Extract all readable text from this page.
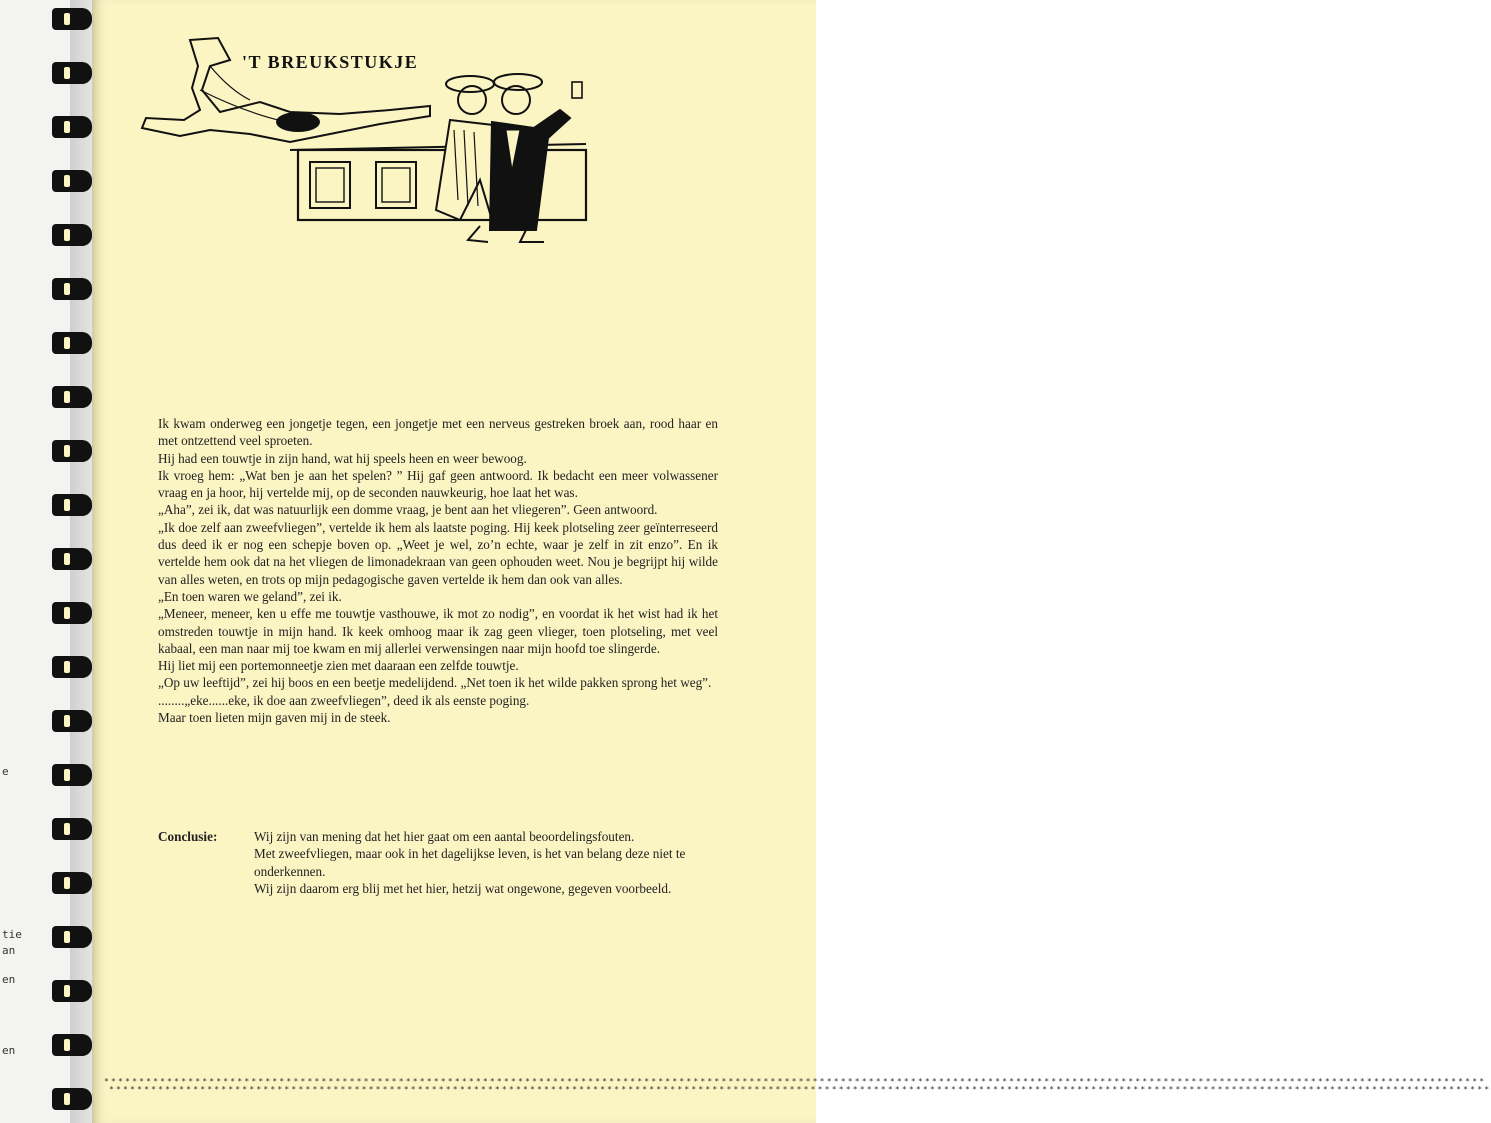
e
tie
an
en
en
'T BREUKSTUKJE

Ik kwam onderweg een jongetje tegen, een jongetje met een nerveus gestreken broek aan, rood haar en met ontzettend veel sproeten.

Hij had een touwtje in zijn hand, wat hij speels heen en weer bewoog.

Ik vroeg hem: „Wat ben je aan het spelen? ” Hij gaf geen antwoord. Ik bedacht een meer volwassener vraag en ja hoor, hij vertelde mij, op de seconden nauwkeurig, hoe laat het was.

„Aha”, zei ik, dat was natuurlijk een domme vraag, je bent aan het vliegeren”. Geen antwoord.

„Ik doe zelf aan zweefvliegen”, vertelde ik hem als laatste poging. Hij keek plotseling zeer geïnterreseerd dus deed ik er nog een schepje boven op. „Weet je wel, zo’n echte, waar je zelf in zit enzo”. En ik vertelde hem ook dat na het vliegen de limonadekraan van geen ophouden weet. Nou je begrijpt hij wilde van alles weten, en trots op mijn pedagogische gaven vertelde ik hem dan ook van alles.

„En toen waren we geland”, zei ik.

„Meneer, meneer, ken u effe me touwtje vasthouwe, ik mot zo nodig”, en voordat ik het wist had ik het omstreden touwtje in mijn hand. Ik keek omhoog maar ik zag geen vlieger, toen plotseling, met veel kabaal, een man naar mij toe kwam en mij allerlei verwensingen naar mijn hoofd toe slingerde.

Hij liet mij een portemonneetje zien met daaraan een zelfde touwtje.

„Op uw leeftijd”, zei hij boos en een beetje medelijdend. „Net toen ik het wilde pakken sprong het weg”.

........„eke......eke, ik doe aan zweefvliegen”, deed ik als eenste poging.

Maar toen lieten mijn gaven mij in de steek.

Conclusie:	Wij zijn van mening dat het hier gaat om een aantal beoordelingsfouten.

Met zweefvliegen, maar ook in het dagelijkse leven, is het van belang deze niet te onderkennen.

Wij zijn daarom erg blij met het hier, hetzij wat ongewone, gegeven voorbeeld.

*****************************************************************************************************************************************************************************************************
*****************************************************************************************************************************************************************************************************
